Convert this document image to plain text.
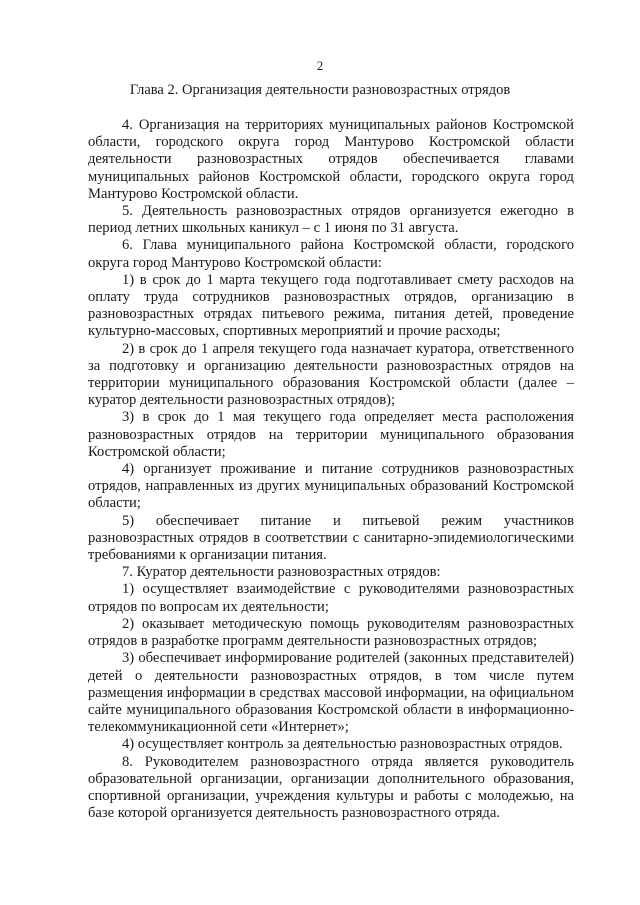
2
Глава 2. Организация деятельности разновозрастных отрядов

4. Организация на территориях муниципальных районов Костромской области, городского округа город Мантурово Костромской области деятельности разновозрастных отрядов обеспечивается главами муниципальных районов Костромской области, городского округа город Мантурово Костромской области.

5. Деятельность разновозрастных отрядов организуется ежегодно в период летних школьных каникул – с 1 июня по 31 августа.

6. Глава муниципального района Костромской области, городского округа город Мантурово Костромской области:

1) в срок до 1 марта текущего года подготавливает смету расходов на оплату труда сотрудников разновозрастных отрядов, организацию в разновозрастных отрядах питьевого режима, питания детей, проведение культурно-массовых, спортивных мероприятий и прочие расходы;

2) в срок до 1 апреля текущего года назначает куратора, ответственного за подготовку и организацию деятельности разновозрастных отрядов на территории муниципального образования Костромской области (далее – куратор деятельности разновозрастных отрядов);

3) в срок до 1 мая текущего года определяет места расположения разновозрастных отрядов на территории муниципального образования Костромской области;

4) организует проживание и питание сотрудников разновозрастных отрядов, направленных из других муниципальных образований Костромской области;

5) обеспечивает питание и питьевой режим участников разновозрастных отрядов в соответствии с санитарно-эпидемиологическими требованиями к организации питания.

7. Куратор деятельности разновозрастных отрядов:

1) осуществляет взаимодействие с руководителями разновозрастных отрядов по вопросам их деятельности;

2) оказывает методическую помощь руководителям разновозрастных отрядов в разработке программ деятельности разновозрастных отрядов;

3) обеспечивает информирование родителей (законных представителей) детей о деятельности разновозрастных отрядов, в том числе путем размещения информации в средствах массовой информации, на официальном сайте муниципального образования Костромской области в информационно-телекоммуникационной сети «Интернет»;

4) осуществляет контроль за деятельностью разновозрастных отрядов.

8. Руководителем разновозрастного отряда является руководитель образовательной организации, организации дополнительного образования, спортивной организации, учреждения культуры и работы с молодежью, на базе которой организуется деятельность разновозрастного отряда.
